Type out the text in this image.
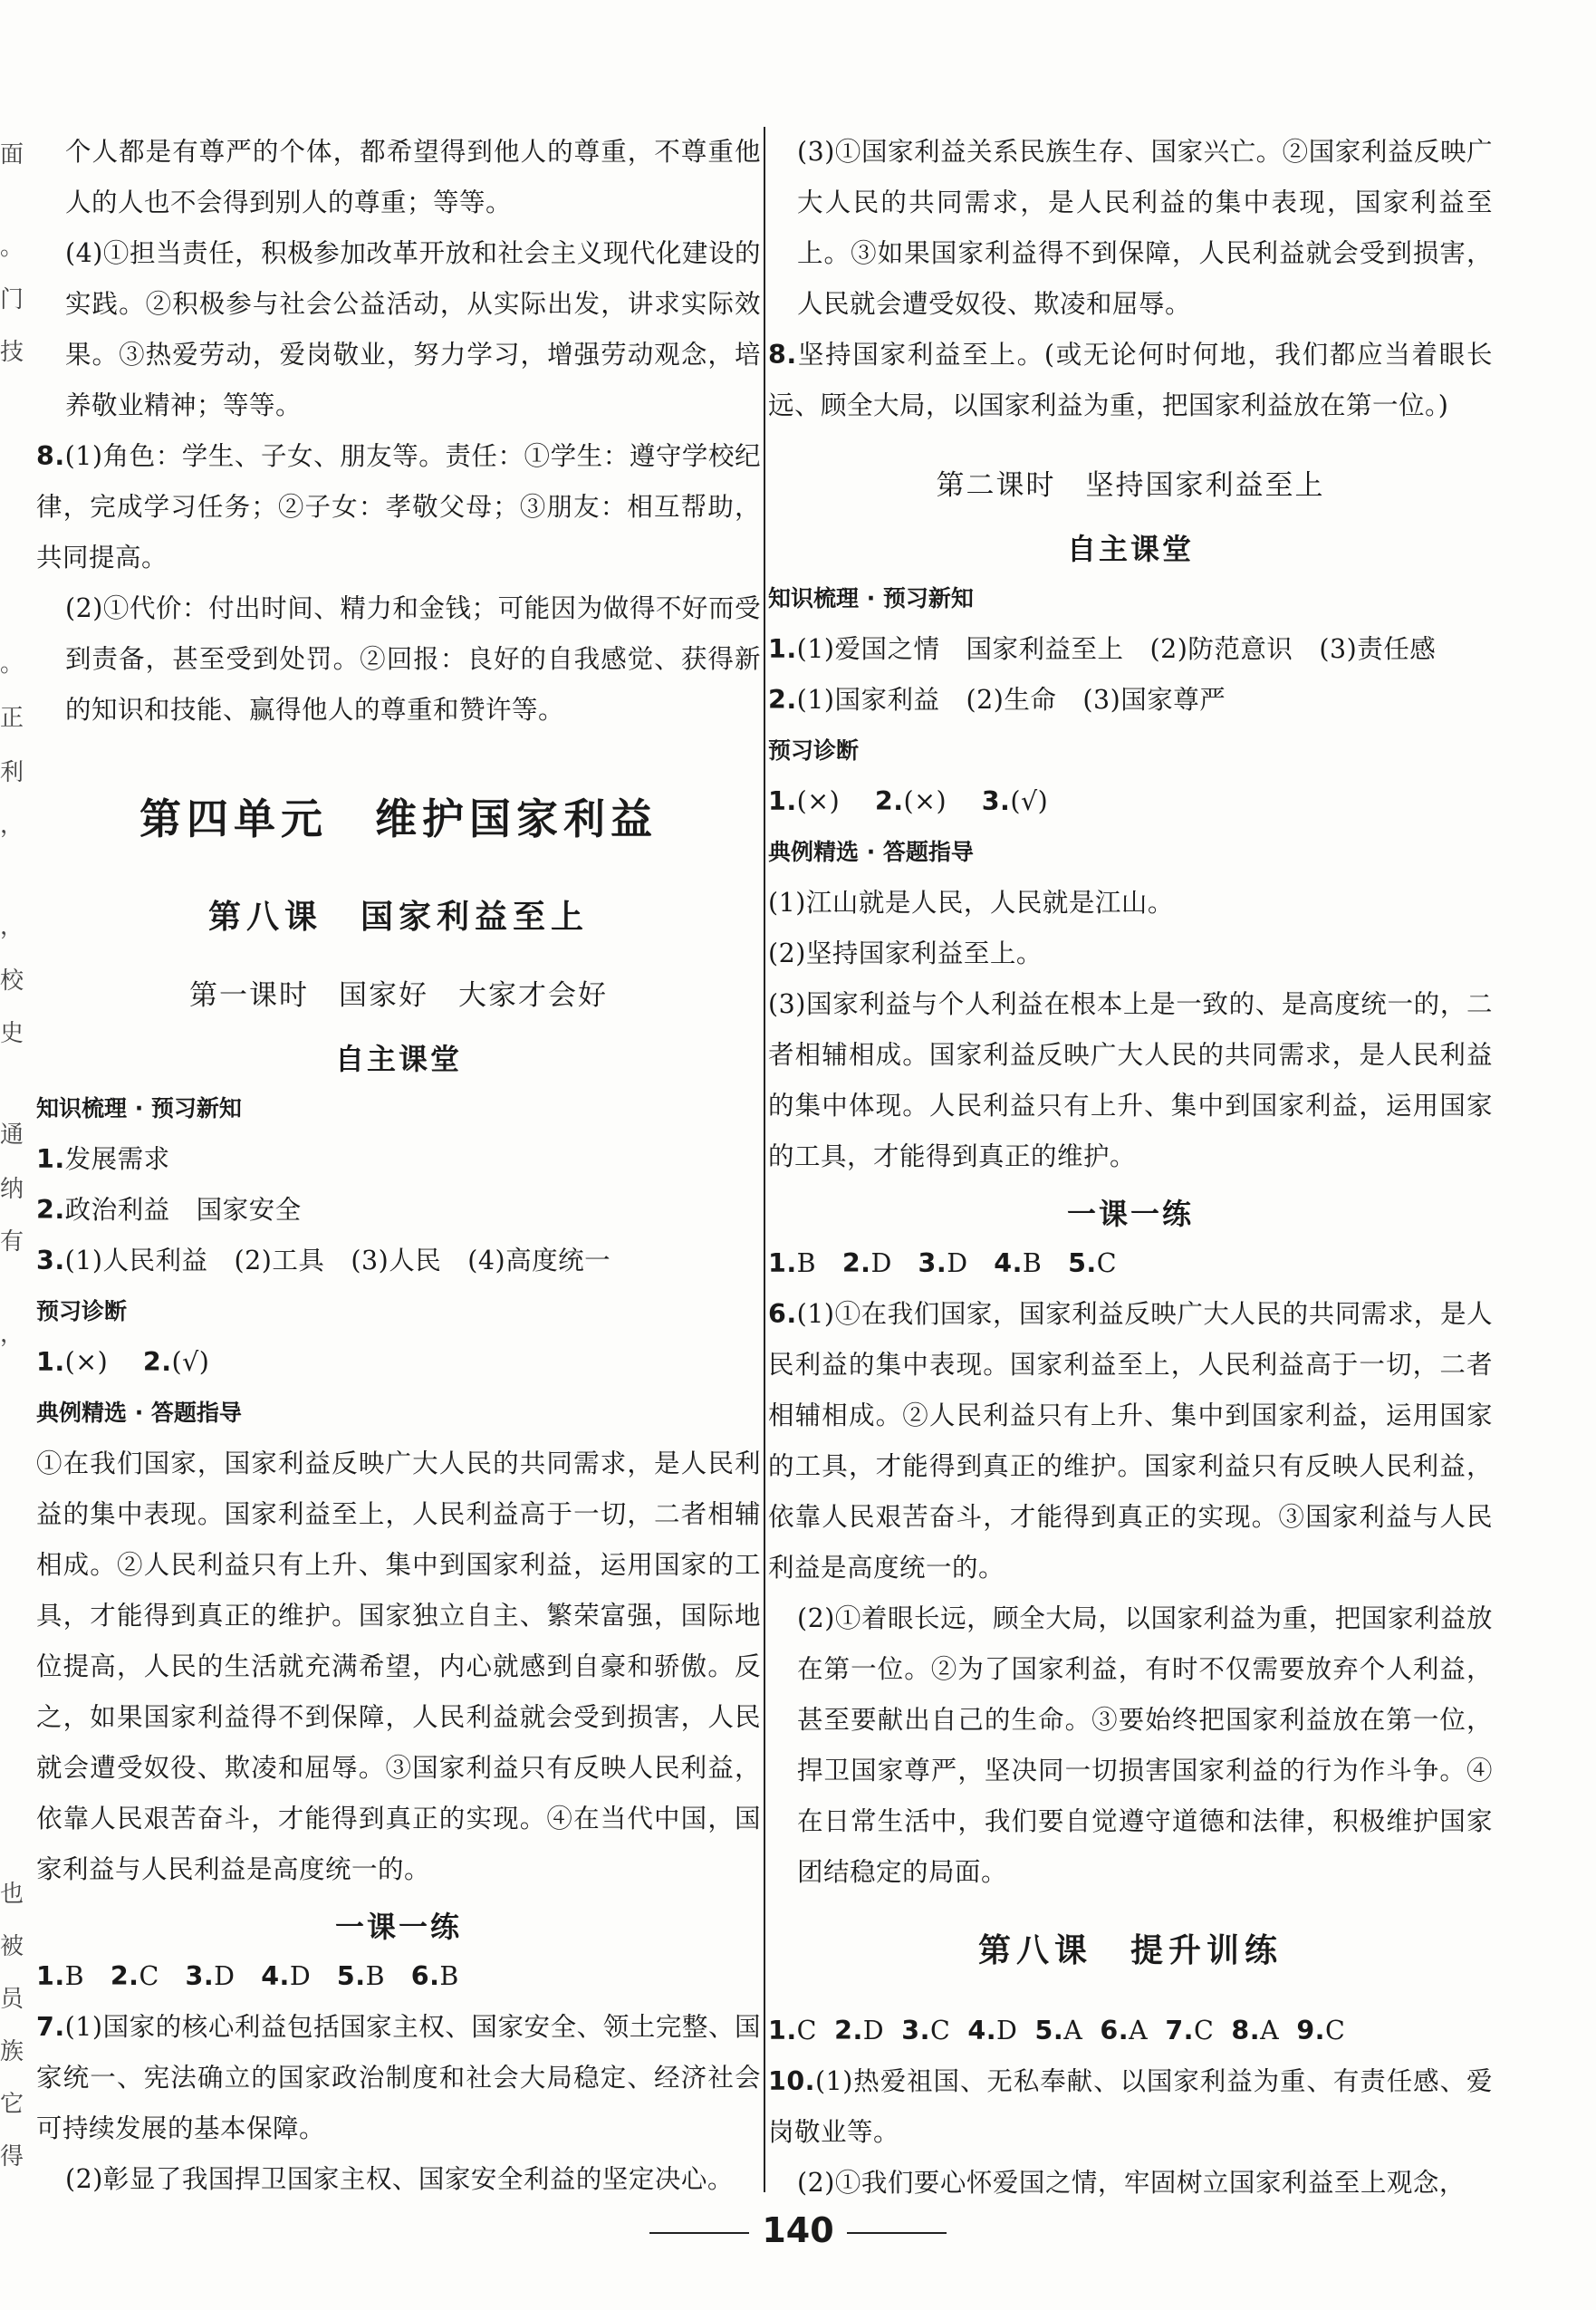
面
。
门
技
。
正
利
，
，
校
史
通
纳
有
，
也
被
员
族
它
得

个人都是有尊严的个体，都希望得到他人的尊重，不尊重他人的人也不会得到别人的尊重；等等。

(4)①担当责任，积极参加改革开放和社会主义现代化建设的实践。②积极参与社会公益活动，从实际出发，讲求实际效果。③热爱劳动，爱岗敬业，努力学习，增强劳动观念，培养敬业精神；等等。

8.(1)角色：学生、子女、朋友等。责任：①学生：遵守学校纪律，完成学习任务；②子女：孝敬父母；③朋友：相互帮助，共同提高。

(2)①代价：付出时间、精力和金钱；可能因为做得不好而受到责备，甚至受到处罚。②回报：良好的自我感觉、获得新的知识和技能、赢得他人的尊重和赞许等。

第四单元　维护国家利益
第八课　国家利益至上
第一课时　国家好　大家才会好
自主课堂

知识梳理 · 预习新知

1.发展需求

2.政治利益　国家安全

3.(1)人民利益　(2)工具　(3)人民　(4)高度统一

预习诊断

1.(×)　 2.(√)

典例精选 · 答题指导

①在我们国家，国家利益反映广大人民的共同需求，是人民利益的集中表现。国家利益至上，人民利益高于一切，二者相辅相成。②人民利益只有上升、集中到国家利益，运用国家的工具，才能得到真正的维护。国家独立自主、繁荣富强，国际地位提高，人民的生活就充满希望，内心就感到自豪和骄傲。反之，如果国家利益得不到保障，人民利益就会受到损害，人民就会遭受奴役、欺凌和屈辱。③国家利益只有反映人民利益，依靠人民艰苦奋斗，才能得到真正的实现。④在当代中国，国家利益与人民利益是高度统一的。

一课一练

1.B 2.C 3.D 4.D 5.B 6.B

7.(1)国家的核心利益包括国家主权、国家安全、领土完整、国家统一、宪法确立的国家政治制度和社会大局稳定、经济社会可持续发展的基本保障。

(2)彰显了我国捍卫国家主权、国家安全利益的坚定决心。

(3)①国家利益关系民族生存、国家兴亡。②国家利益反映广大人民的共同需求，是人民利益的集中表现，国家利益至上。③如果国家利益得不到保障，人民利益就会受到损害，人民就会遭受奴役、欺凌和屈辱。

8.坚持国家利益至上。(或无论何时何地，我们都应当着眼长远、顾全大局，以国家利益为重，把国家利益放在第一位。)

第二课时　坚持国家利益至上
自主课堂

知识梳理 · 预习新知

1.(1)爱国之情　国家利益至上　(2)防范意识　(3)责任感

2.(1)国家利益　(2)生命　(3)国家尊严

预习诊断

1.(×)　 2.(×)　 3.(√)

典例精选 · 答题指导

(1)江山就是人民，人民就是江山。

(2)坚持国家利益至上。

(3)国家利益与个人利益在根本上是一致的、是高度统一的，二者相辅相成。国家利益反映广大人民的共同需求，是人民利益的集中体现。人民利益只有上升、集中到国家利益，运用国家的工具，才能得到真正的维护。

一课一练

1.B 2.D 3.D 4.B 5.C

6.(1)①在我们国家，国家利益反映广大人民的共同需求，是人民利益的集中表现。国家利益至上，人民利益高于一切，二者相辅相成。②人民利益只有上升、集中到国家利益，运用国家的工具，才能得到真正的维护。国家利益只有反映人民利益，依靠人民艰苦奋斗，才能得到真正的实现。③国家利益与人民利益是高度统一的。

(2)①着眼长远，顾全大局，以国家利益为重，把国家利益放在第一位。②为了国家利益，有时不仅需要放弃个人利益，甚至要献出自己的生命。③要始终把国家利益放在第一位，捍卫国家尊严，坚决同一切损害国家利益的行为作斗争。④在日常生活中，我们要自觉遵守道德和法律，积极维护国家团结稳定的局面。

第八课　提升训练

1.C 2.D 3.C 4.D 5.A 6.A 7.C 8.A 9.C

10.(1)热爱祖国、无私奉献、以国家利益为重、有责任感、爱岗敬业等。

(2)①我们要心怀爱国之情，牢固树立国家利益至上观念，

140
